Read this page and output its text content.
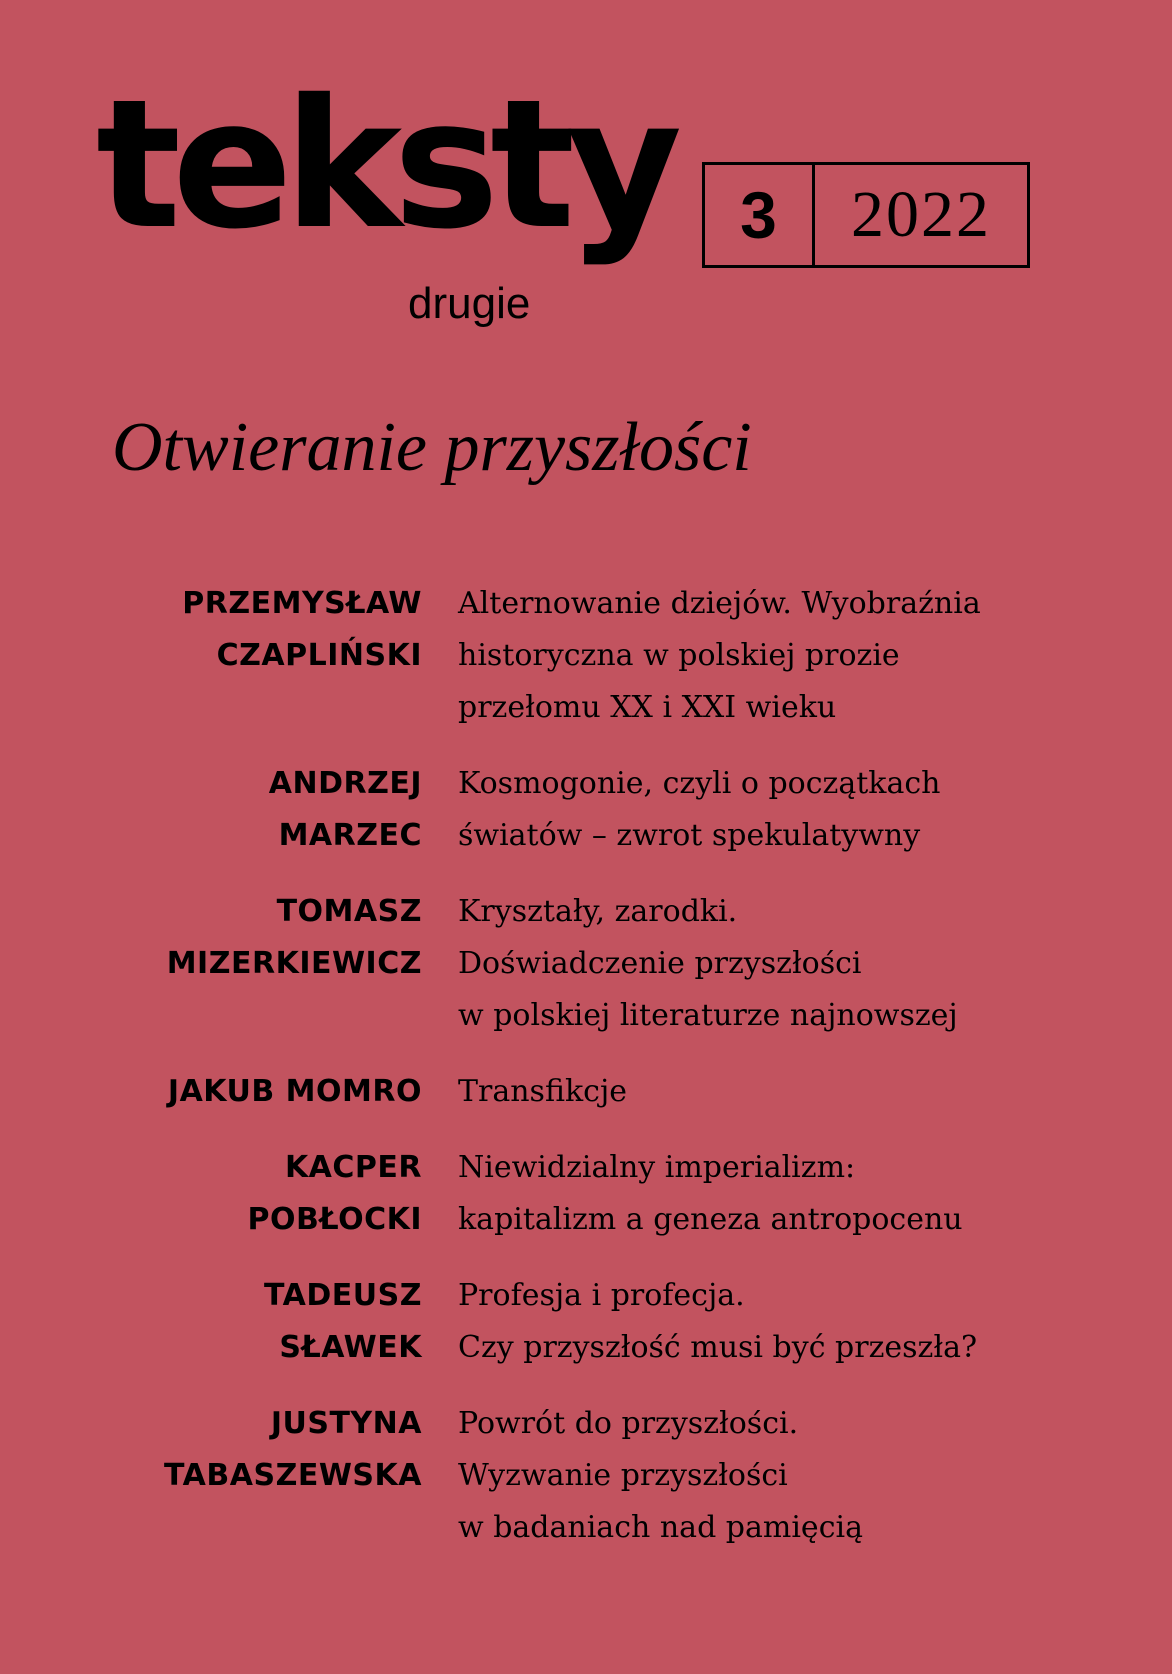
teksty
drugie
3	2022
Otwieranie przyszłości
PRZEMYSŁAW
CZAPLIŃSKI
Alternowanie dziejów. Wyobraźnia
historyczna w polskiej prozie
przełomu XX i XXI wieku
ANDRZEJ
MARZEC
Kosmogonie, czyli o początkach
światów – zwrot spekulatywny
TOMASZ
MIZERKIEWICZ
Kryształy, zarodki.
Doświadczenie przyszłości
w polskiej literaturze najnowszej
JAKUB MOMRO Transfikcje
KACPER
POBŁOCKI
Niewidzialny imperializm:
kapitalizm a geneza antropocenu
TADEUSZ
SŁAWEK
Profesja i profecja.
Czy przyszłość musi być przeszła?
JUSTYNA
TABASZEWSKA
Powrót do przyszłości.
Wyzwanie przyszłości
w badaniach nad pamięcią
